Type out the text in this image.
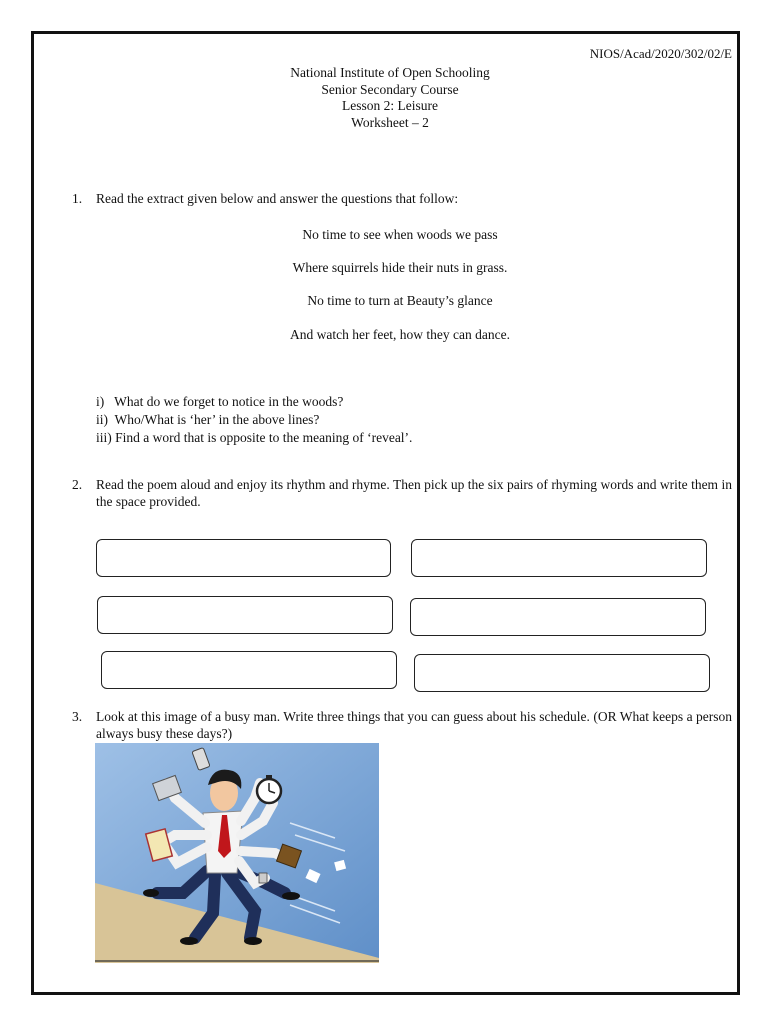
NIOS/Acad/2020/302/02/E
National Institute of Open Schooling
Senior Secondary Course
Lesson 2: Leisure
Worksheet – 2
1. Read the extract given below and answer the questions that follow:
No time to see when woods we pass
Where squirrels hide their nuts in grass.
No time to turn at Beauty’s glance
And watch her feet, how they can dance.
i)   What do we forget to notice in the woods?
ii)  Who/What is ‘her’ in the above lines?
iii) Find a word that is opposite to the meaning of ‘reveal’.
2. Read the poem aloud and enjoy its rhythm and rhyme. Then pick up the six pairs of rhyming words and write them in the space provided.
3. Look at this image of a busy man. Write three things that you can guess about his schedule. (OR What keeps a person always busy these days?)
